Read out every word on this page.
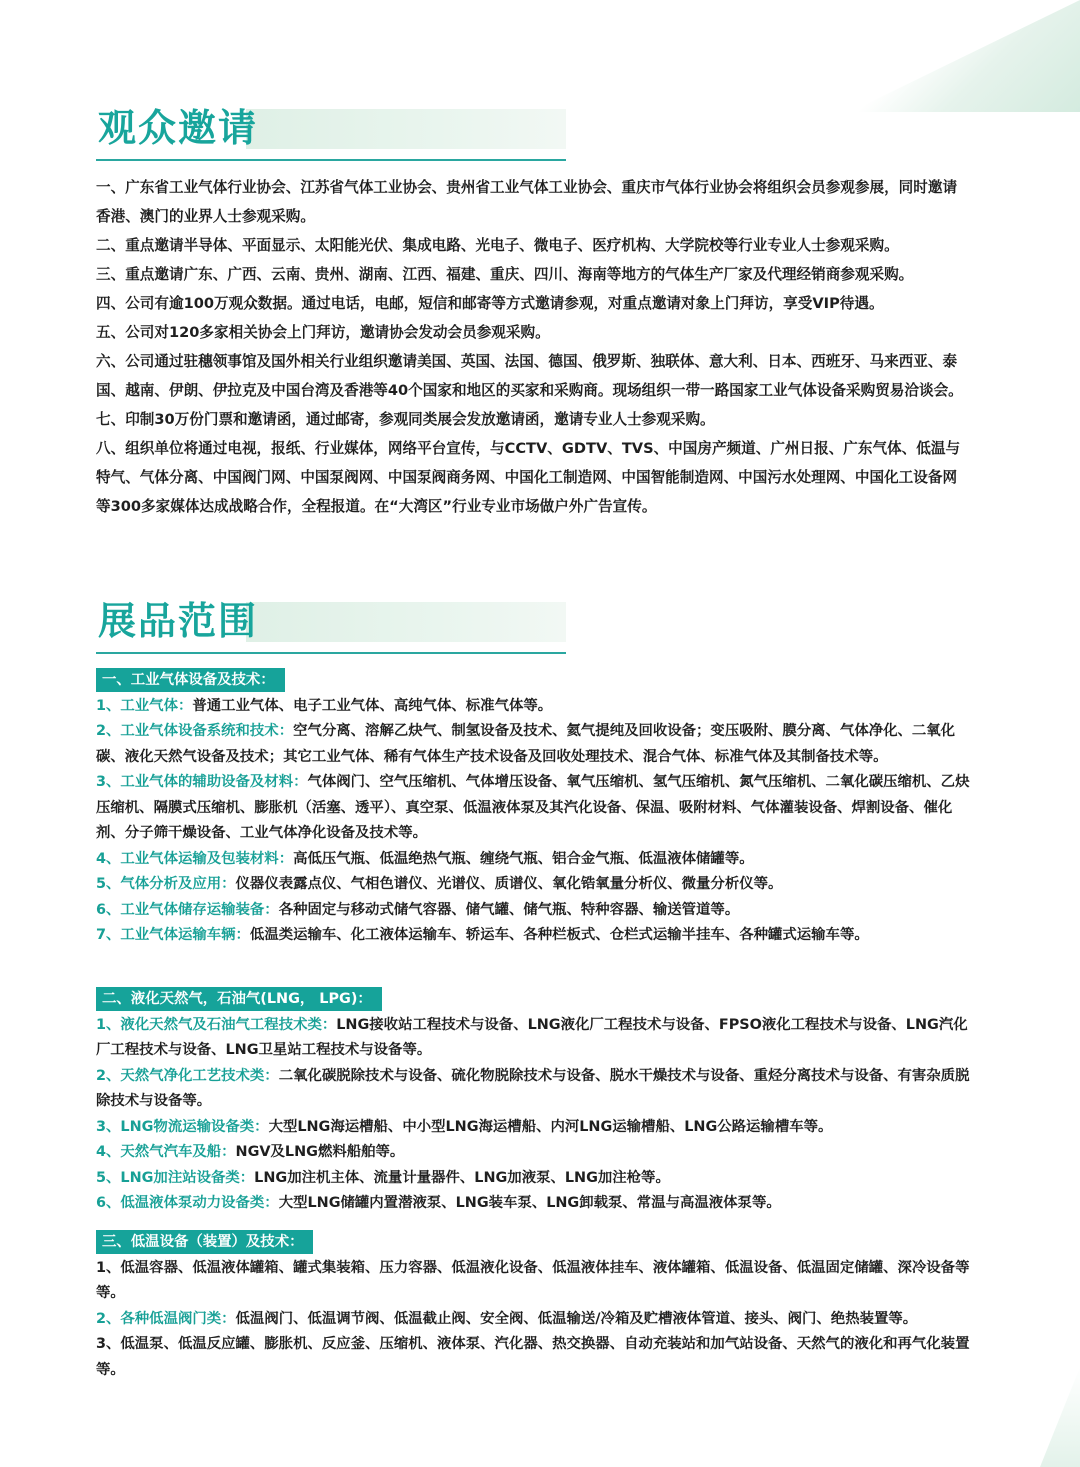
观众邀请

一、广东省工业气体行业协会、江苏省气体工业协会、贵州省工业气体工业协会、重庆市气体行业协会将组织会员参观参展，同时邀请香港、澳门的业界人士参观采购。

二、重点邀请半导体、平面显示、太阳能光伏、集成电路、光电子、微电子、医疗机构、大学院校等行业专业人士参观采购。

三、重点邀请广东、广西、云南、贵州、湖南、江西、福建、重庆、四川、海南等地方的气体生产厂家及代理经销商参观采购。

四、公司有逾100万观众数据。通过电话，电邮，短信和邮寄等方式邀请参观，对重点邀请对象上门拜访，享受VIP待遇。

五、公司对120多家相关协会上门拜访，邀请协会发动会员参观采购。

六、公司通过驻穗领事馆及国外相关行业组织邀请美国、英国、法国、德国、俄罗斯、独联体、意大利、日本、西班牙、马来西亚、泰国、越南、伊朗、伊拉克及中国台湾及香港等40个国家和地区的买家和采购商。现场组织一带一路国家工业气体设备采购贸易洽谈会。

七、印制30万份门票和邀请函，通过邮寄，参观同类展会发放邀请函，邀请专业人士参观采购。

八、组织单位将通过电视，报纸、行业媒体，网络平台宣传，与CCTV、GDTV、TVS、中国房产频道、广州日报、广东气体、低温与特气、气体分离、中国阀门网、中国泵阀网、中国泵阀商务网、中国化工制造网、中国智能制造网、中国污水处理网、中国化工设备网等300多家媒体达成战略合作，全程报道。在“大湾区”行业专业市场做户外广告宣传。

展品范围
一、工业气体设备及技术：

1、工业气体：普通工业气体、电子工业气体、高纯气体、标准气体等。

2、工业气体设备系统和技术：空气分离、溶解乙炔气、制氢设备及技术、氦气提纯及回收设备；变压吸附、膜分离、气体净化、二氧化碳、液化天然气设备及技术；其它工业气体、稀有气体生产技术设备及回收处理技术、混合气体、标准气体及其制备技术等。

3、工业气体的辅助设备及材料：气体阀门、空气压缩机、气体增压设备、氧气压缩机、氢气压缩机、氮气压缩机、二氧化碳压缩机、乙炔压缩机、隔膜式压缩机、膨胀机（活塞、透平）、真空泵、低温液体泵及其汽化设备、保温、吸附材料、气体灌装设备、焊割设备、催化剂、分子筛干燥设备、工业气体净化设备及技术等。

4、工业气体运输及包装材料：高低压气瓶、低温绝热气瓶、缠绕气瓶、铝合金气瓶、低温液体储罐等。

5、气体分析及应用：仪器仪表露点仪、气相色谱仪、光谱仪、质谱仪、氧化锆氧量分析仪、微量分析仪等。

6、工业气体储存运输装备：各种固定与移动式储气容器、储气罐、储气瓶、特种容器、输送管道等。

7、工业气体运输车辆：低温类运输车、化工液体运输车、轿运车、各种栏板式、仓栏式运输半挂车、各种罐式运输车等。

二、液化天然气，石油气(LNG， LPG)：

1、液化天然气及石油气工程技术类：LNG接收站工程技术与设备、LNG液化厂工程技术与设备、FPSO液化工程技术与设备、LNG汽化厂工程技术与设备、LNG卫星站工程技术与设备等。

2、天然气净化工艺技术类：二氧化碳脱除技术与设备、硫化物脱除技术与设备、脱水干燥技术与设备、重烃分离技术与设备、有害杂质脱除技术与设备等。

3、LNG物流运输设备类：大型LNG海运槽船、中小型LNG海运槽船、内河LNG运输槽船、LNG公路运输槽车等。

4、天然气汽车及船：NGV及LNG燃料船舶等。

5、LNG加注站设备类：LNG加注机主体、流量计量器件、LNG加液泵、LNG加注枪等。

6、低温液体泵动力设备类：大型LNG储罐内置潜液泵、LNG装车泵、LNG卸载泵、常温与高温液体泵等。

三、低温设备（装置）及技术：

1、低温容器、低温液体罐箱、罐式集装箱、压力容器、低温液化设备、低温液体挂车、液体罐箱、低温设备、低温固定储罐、深冷设备等等。

2、各种低温阀门类：低温阀门、低温调节阀、低温截止阀、安全阀、低温输送/冷箱及贮槽液体管道、接头、阀门、绝热装置等。

3、低温泵、低温反应罐、膨胀机、反应釜、压缩机、液体泵、汽化器、热交换器、自动充装站和加气站设备、天然气的液化和再气化装置等。
